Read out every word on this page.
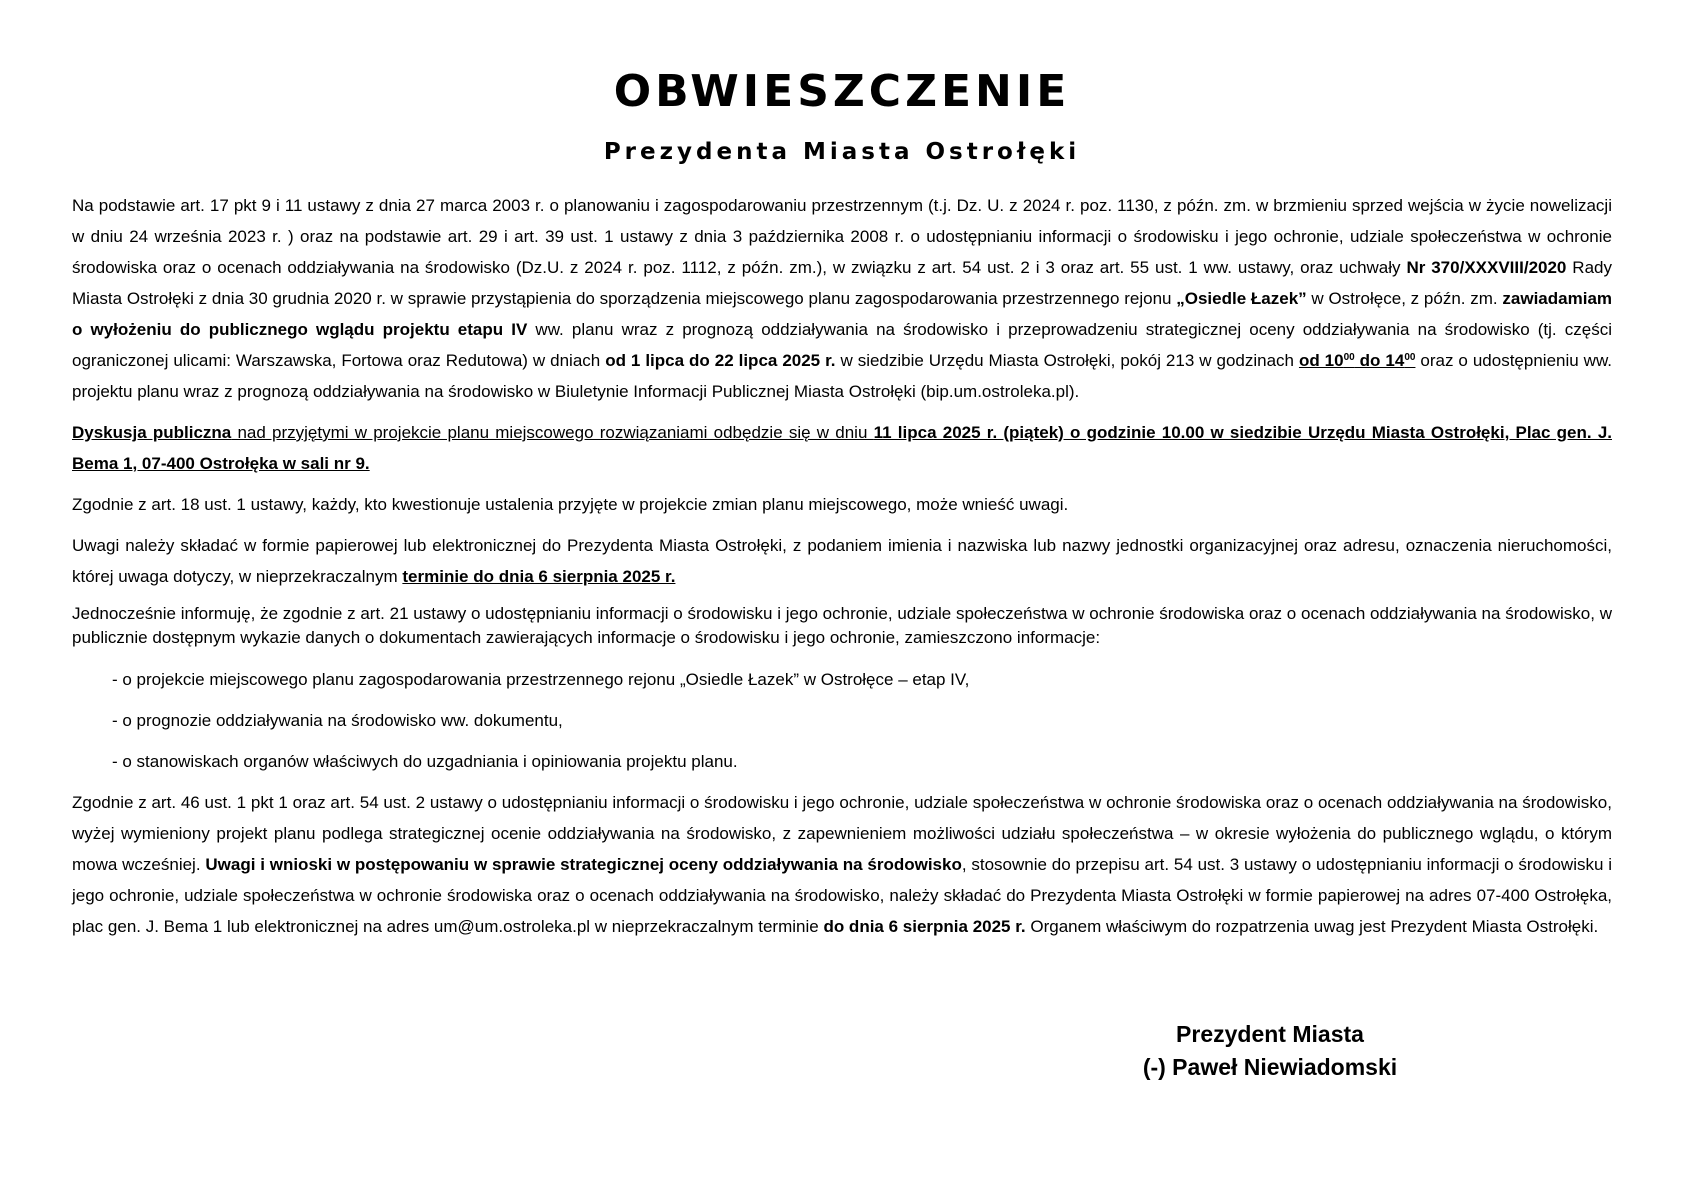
OBWIESZCZENIE
Prezydenta Miasta Ostrołęki

Na podstawie art. 17 pkt 9 i 11 ustawy z dnia 27 marca 2003 r. o planowaniu i zagospodarowaniu przestrzennym (t.j. Dz. U. z 2024 r. poz. 1130, z późn. zm. w brzmieniu sprzed wejścia w życie nowelizacji w dniu 24 września 2023 r. ) oraz na podstawie art. 29 i art. 39 ust. 1 ustawy z dnia 3 października 2008 r. o udostępnianiu informacji o środowisku i jego ochronie, udziale społeczeństwa w ochronie środowiska oraz o ocenach oddziaływania na środowisko (Dz.U. z 2024 r. poz. 1112, z późn. zm.), w związku z art. 54 ust. 2 i 3 oraz art. 55 ust. 1 ww. ustawy, oraz uchwały Nr 370/XXXVIII/2020 Rady Miasta Ostrołęki z dnia 30 grudnia 2020 r. w sprawie przystąpienia do sporządzenia miejscowego planu zagospodarowania przestrzennego rejonu „Osiedle Łazek” w Ostrołęce, z późn. zm. zawiadamiam o wyłożeniu do publicznego wglądu projektu etapu IV ww. planu wraz z prognozą oddziaływania na środowisko i przeprowadzeniu strategicznej oceny oddziaływania na środowisko (tj. części ograniczonej ulicami: Warszawska, Fortowa oraz Redutowa) w dniach od 1 lipca do 22 lipca 2025 r. w siedzibie Urzędu Miasta Ostrołęki, pokój 213 w godzinach od $10^{00}$ do $14^{00}$ oraz o udostępnieniu ww. projektu planu wraz z prognozą oddziaływania na środowisko w Biuletynie Informacji Publicznej Miasta Ostrołęki (bip.um.ostroleka.pl).

Dyskusja publiczna nad przyjętymi w projekcie planu miejscowego rozwiązaniami odbędzie się w dniu 11 lipca 2025 r. (piątek) o godzinie 10.00 w siedzibie Urzędu Miasta Ostrołęki, Plac gen. J. Bema 1, 07-400 Ostrołęka w sali nr 9.

Zgodnie z art. 18 ust. 1 ustawy, każdy, kto kwestionuje ustalenia przyjęte w projekcie zmian planu miejscowego, może wnieść uwagi.

Uwagi należy składać w formie papierowej lub elektronicznej do Prezydenta Miasta Ostrołęki, z podaniem imienia i nazwiska lub nazwy jednostki organizacyjnej oraz adresu, oznaczenia nieruchomości, której uwaga dotyczy, w nieprzekraczalnym terminie do dnia 6 sierpnia 2025 r.

Jednocześnie informuję, że zgodnie z art. 21 ustawy o udostępnianiu informacji o środowisku i jego ochronie, udziale społeczeństwa w ochronie środowiska oraz o ocenach oddziaływania na środowisko, w publicznie dostępnym wykazie danych o dokumentach zawierających informacje o środowisku i jego ochronie, zamieszczono informacje:

- o projekcie miejscowego planu zagospodarowania przestrzennego rejonu „Osiedle Łazek” w Ostrołęce – etap IV,
- o prognozie oddziaływania na środowisko ww. dokumentu,
- o stanowiskach organów właściwych do uzgadniania i opiniowania projektu planu.

Zgodnie z art. 46 ust. 1 pkt 1 oraz art. 54 ust. 2 ustawy o udostępnianiu informacji o środowisku i jego ochronie, udziale społeczeństwa w ochronie środowiska oraz o ocenach oddziaływania na środowisko, wyżej wymieniony projekt planu podlega strategicznej ocenie oddziaływania na środowisko, z zapewnieniem możliwości udziału społeczeństwa – w okresie wyłożenia do publicznego wglądu, o którym mowa wcześniej. Uwagi i wnioski w postępowaniu w sprawie strategicznej oceny oddziaływania na środowisko, stosownie do przepisu art. 54 ust. 3 ustawy o udostępnianiu informacji o środowisku i jego ochronie, udziale społeczeństwa w ochronie środowiska oraz o ocenach oddziaływania na środowisko, należy składać do Prezydenta Miasta Ostrołęki w formie papierowej na adres 07-400 Ostrołęka, plac gen. J. Bema 1 lub elektronicznej na adres um@um.ostroleka.pl w nieprzekraczalnym terminie do dnia 6 sierpnia 2025 r. Organem właściwym do rozpatrzenia uwag jest Prezydent Miasta Ostrołęki.

Prezydent Miasta
(-) Paweł Niewiadomski
